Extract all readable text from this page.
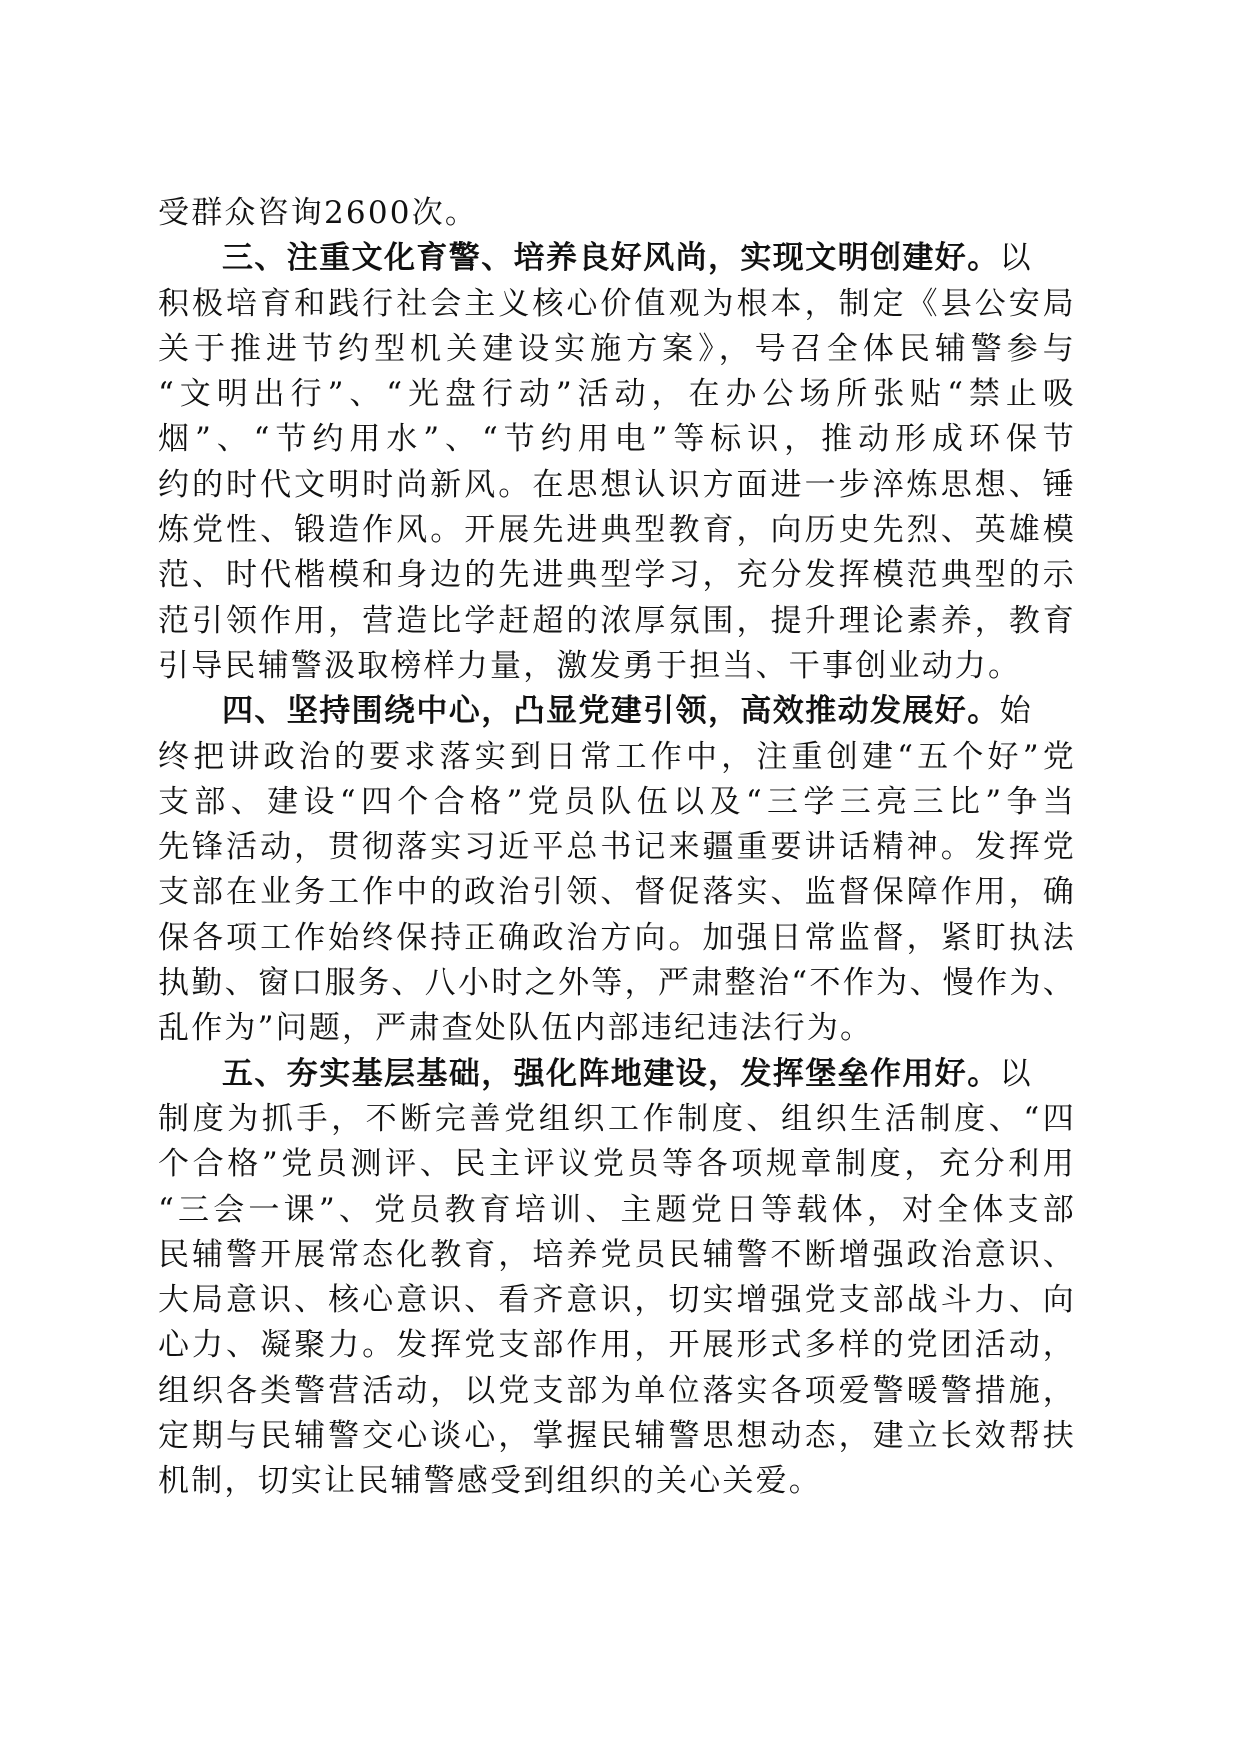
受群众咨询2600次。
三、注重文化育警、培养良好风尚，实现文明创建好。以
积极培育和践行社会主义核心价值观为根本，制定《县公安局
关于推进节约型机关建设实施方案》，号召全体民辅警参与
“文明出行”、“光盘行动”活动，在办公场所张贴“禁止吸
烟”、“节约用水”、“节约用电”等标识，推动形成环保节
约的时代文明时尚新风。在思想认识方面进一步淬炼思想、锤
炼党性、锻造作风。开展先进典型教育，向历史先烈、英雄模
范、时代楷模和身边的先进典型学习，充分发挥模范典型的示
范引领作用，营造比学赶超的浓厚氛围，提升理论素养，教育
引导民辅警汲取榜样力量，激发勇于担当、干事创业动力。
四、坚持围绕中心，凸显党建引领，高效推动发展好。始
终把讲政治的要求落实到日常工作中，注重创建“五个好”党
支部、建设“四个合格”党员队伍以及“三学三亮三比”争当
先锋活动，贯彻落实习近平总书记来疆重要讲话精神。发挥党
支部在业务工作中的政治引领、督促落实、监督保障作用，确
保各项工作始终保持正确政治方向。加强日常监督，紧盯执法
执勤、窗口服务、八小时之外等，严肃整治“不作为、慢作为、
乱作为”问题，严肃查处队伍内部违纪违法行为。
五、夯实基层基础，强化阵地建设，发挥堡垒作用好。以
制度为抓手，不断完善党组织工作制度、组织生活制度、“四
个合格”党员测评、民主评议党员等各项规章制度，充分利用
“三会一课”、党员教育培训、主题党日等载体，对全体支部
民辅警开展常态化教育，培养党员民辅警不断增强政治意识、
大局意识、核心意识、看齐意识，切实增强党支部战斗力、向
心力、凝聚力。发挥党支部作用，开展形式多样的党团活动，
组织各类警营活动，以党支部为单位落实各项爱警暖警措施，
定期与民辅警交心谈心，掌握民辅警思想动态，建立长效帮扶
机制，切实让民辅警感受到组织的关心关爱。
